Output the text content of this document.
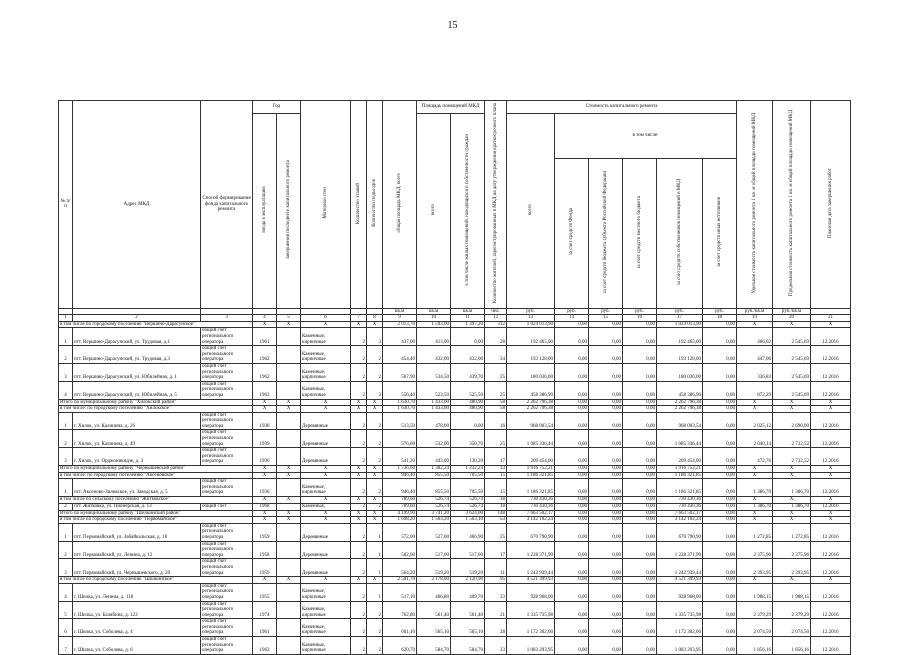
15
№ п/п	Адрес МКД	Способ формирования фонда капитального ремонта	Год		Материал стен	Количество этажей	Количество подъездов	общая площадь МКД, всего	Площадь помещений МКД		Количество жителей, зарегистрированных в МКД на дату утверждения краткосрочного плана	Стоимость капитального ремонта						Удельная стоимость капитального ремонта 1 кв. м общей площади помещений МКД	Предельная стоимость капитального ремонта 1 кв. м общей площади помещений МКД	Плановая дата завершения работ
			ввода в эксплуатацию	завершения последнего капитального ремонта					всего	в том числе жилых помещений, находящихся в собственности граждан		всего	в том числе:							
													за счет средств Фонда	за счет средств бюджета субъекта Российской Федерации	за счет средств местного бюджета	за счет средств собственников помещений в МКД	за счет средств иных источников			
								кв.м	кв.м	кв.м	чел.	руб.	руб.	руб.	руб.	руб.	руб.	руб./кв.м	руб./кв.м	
1	2	3	4	5	6	7	8	9	10	11	12	13	14	15	16	17	18	19	20	21
в том числе по городскому поселению "Вершино-Дарасунское"			X	X	X	X	X	2 013,70	1 593,00	1 397,20	112	1 024 013,90	0,00	0,00	0,00	1 024 013,90	0,00	X	X	X
1	пгт. Вершино-Дарасунский, ул. Трудовая, д.1	общий счет регионального оператора	1961		Каменные, кирпичные	2	3	437,00	413,00	0,00	28	192 465,00	0,00	0,00	0,00	192 465,00	0,00	466,02	2 545,69	12.2016
2	пгт. Вершино-Дарасунский, ул. Трудовая, д.3	общий счет регионального оператора	1962		Каменные, кирпичные	2	2	454,40	432,00	432,00	34	193 128,00	0,00	0,00	0,00	193 128,00	0,00	447,06	2 545,69	12.2016
3	пгт. Вершино-Дарасунский, ул. Юбилейная, д. 1	общий счет регионального оператора	1962		Каменные, кирпичные	2	2	567,90	534,50	439,70	25	180 036,00	0,00	0,00	0,00	180 036,00	0,00	336,83	2 545,69	12.2016
4	пгт. Вершино-Дарасунский, ул. Юбилейная, д. 5	общий счет регионального оператора	1963		Каменные, кирпичные	2	3	556,40	523,50	525,50	25	458 386,90	0,00	0,00	0,00	458 386,90	0,00	872,29	2 545,69	12.2016
Итого по муниципальному району "Хилокский район"			X	X	X	X	X	1 630,70	1 433,00	480,90	58	2 262 796,38	0,00	0,00	0,00	2 262 796,38	0,00	X	X	X
в том числе: по городскому поселению "Хилокское"			X	X	X	X	X	1 630,70	1 433,00	480,90	58	2 262 796,38	0,00	0,00	0,00	2 262 796,38	0,00	X	X	X
1	г. Хилок, ул. Калинина, д. 26	общий счет регионального оператора	1938		Деревянные	2	2	513,50	478,00	0,00	16	968 003,54	0,00	0,00	0,00	968 003,54	0,00	2 025,12	2 690,00	12.2016
2	г. Хилок, ул. Калинина, д. 49	общий счет регионального оператора	1939		Деревянные	2	2	576,00	532,00	350,70	25	1 085 336,44	0,00	0,00	0,00	1 085 336,44	0,00	2 040,14	2 732,52	12.2016
3	г. Хилок, ул. Орджоникидзе, д. 3	общий счет регионального оператора	1936		Деревянные	2	2	541,20	443,00	130,20	17	209 454,00	0,00	0,00	0,00	209 454,00	0,00	472,76	2 732,52	12.2016
Итого по муниципальному району "Чернышевский район"			X	X	X	X	X	1 736,60	1 382,24	1 232,24	33	1 916 752,21	0,00	0,00	0,00	1 916 752,21	0,00	X	X	X
в том числе: по городскому поселению "Аксеновское"			X	X	X	X	X	946,40	855,50	705,50	15	1 186 321,85	0,00	0,00	0,00	1 186 321,85	0,00	X	X	X
1	пгт. Аксеново-Зиловское, ул. Заводская, д. 5	общий счет регионального оператора	1936		Каменные, кирпичные	2	2	946,40	855,50	705,50	15	1 186 321,85	0,00	0,00	0,00	1 186 321,85	0,00	1 386,70	1 386,70	12.2016
в том числе по сельскому поселению "Житковское"			X	X	X	X	X	789,60	526,74	526,74	18	730 430,36	0,00	0,00	0,00	730 430,36	0,00	X	X	X
2	пгт. Житковка, ул. Пионерская, д. 13	общий счет	1968		Каменные,	2	2	789,60	526,74	526,74	18	730 430,36	0,00	0,00	0,00	730 430,36	0,00	1 386,70	1 386,70	12.2016
Итого по муниципальному району "Шилкинский район"			X	X	X	X	X	4 199,90	3 741,20	3 624,00	148	7 663 502,17	0,00	0,00	0,00	7 663 502,17	0,00	X	X	X
в том числе по городскому поселению "Первомайское"			X	X	X	X	X	1 698,20	1 563,20	1 503,10	53	3 142 102,24	0,00	0,00	0,00	3 142 102,24	0,00	X	X	X
1	пгт. Первомайский, ул. Забайкальская, д. 18	общий счет регионального оператора	1959		Деревянные	2	1	572,00	527,00	466,90	25	670 790,90	0,00	0,00	0,00	670 790,90	0,00	1 272,85	1 272,85	12.2016
2	пгт. Первомайский, ул. Ленина, д. 12	общий счет регионального оператора	1958		Деревянные	2	1	562,00	517,00	517,00	17	1 228 371,90	0,00	0,00	0,00	1 228 371,90	0,00	2 375,96	2 375,96	12.2016
3	пгт. Первомайский, ул. Чернышевского, д. 20	общий счет регионального оператора	1959		Деревянные	2	1	564,20	519,20	519,20	11	1 242 939,44	0,00	0,00	0,00	1 242 939,44	0,00	2 393,95	2 393,95	12.2016
в том числе по городскому поселению "Шилкинское"			X	X	X	X	X	2 501,70	2 178,00	2 120,90	95	4 521 399,93	0,00	0,00	0,00	4 521 399,93	0,00	X	X	X
4	г. Шилка, ул. Ленина, д. 118	общий счет регионального оператора	1955		Каменные, кирпичные	2	1	517,10	466,80	409,70	23	928 968,00	0,00	0,00	0,00	928 968,00	0,00	1 988,15	1 988,15	12.2016
5	г. Шилка, ул. Балябина, д. 123	общий счет регионального оператора	1974		Каменные, кирпичные	2	2	762,80	561,40	561,40	21	1 335 735,98	0,00	0,00	0,00	1 335 735,98	0,00	2 379,29	2 379,29	12.2016
6	г. Шилка, ул. Соболева, д. 4	общий счет регионального оператора	1961		Каменные, кирпичные	2	2	601,10	565,10	565,10	28	1 172 302,00	0,00	0,00	0,00	1 172 302,00	0,00	2 074,50	2 074,50	12.2016
7	г. Шилка, ул. Соболева, д. 6	общий счет регионального оператора	1962		Каменные, кирпичные	2	2	620,70	584,70	584,70	23	1 083 293,95	0,00	0,00	0,00	1 083 293,95	0,00	1 856,16	1 856,16	12.2016
